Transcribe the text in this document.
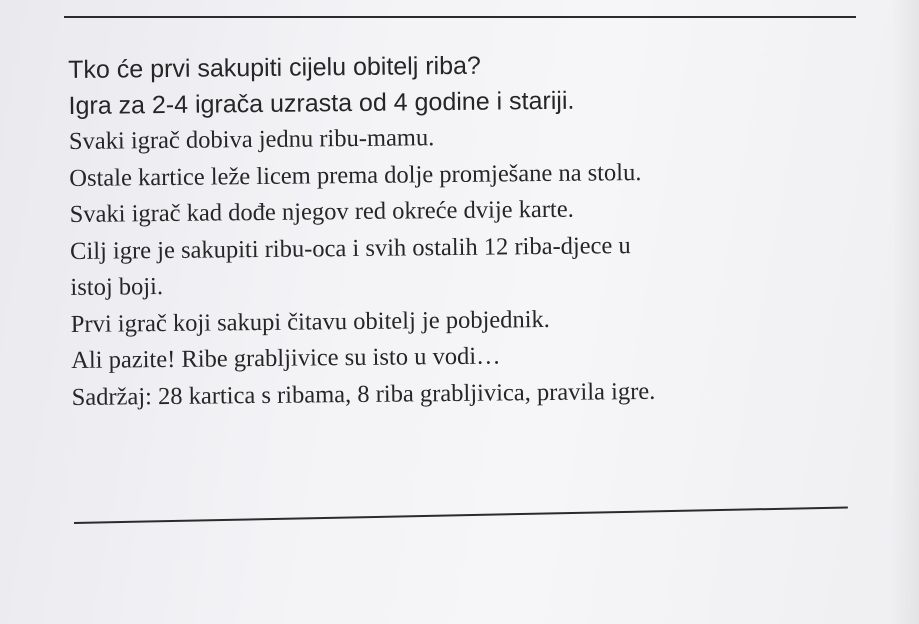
Tko će prvi sakupiti cijelu obitelj riba?

Igra za 2-4 igrača uzrasta od 4 godine i stariji.

Svaki igrač dobiva jednu ribu-mamu.

Ostale kartice leže licem prema dolje promješane na stolu.

Svaki igrač kad dođe njegov red okreće dvije karte.

Cilj igre je sakupiti ribu-oca i svih ostalih 12 riba-djece u

istoj boji.

Prvi igrač koji sakupi čitavu obitelj je pobjednik.

Ali pazite! Ribe grabljivice su isto u vodi…

Sadržaj: 28 kartica s ribama, 8 riba grabljivica, pravila igre.
